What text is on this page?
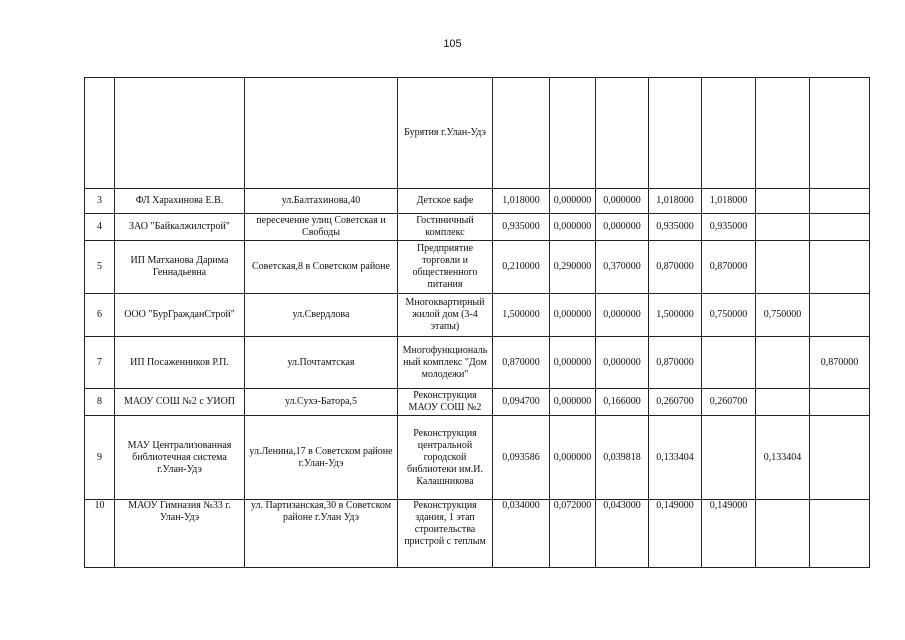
105
			Бурятия г.Улан-Удэ							
3	ФЛ Харахинова Е.В.	ул.Балтахинова,40	Детское кафе	1,018000	0,000000	0,000000	1,018000	1,018000		
4	ЗАО "Байкалжилстрой"	пересечение улиц Советская и Свободы	Гостиничный комплекс	0,935000	0,000000	0,000000	0,935000	0,935000		
5	ИП Матханова Дарима Геннадьевна	Советская,8 в Советском районе	Предприятие торговли и общественного питания	0,210000	0,290000	0,370000	0,870000	0,870000		
6	ООО "БурГражданСтрой"	ул.Свердлова	Многоквартирный жилой дом (3-4 этапы)	1,500000	0,000000	0,000000	1,500000	0,750000	0,750000	
7	ИП Посаженников Р.П.	ул.Почтамтская	Многофункциональный комплекс "Дом молодежи"	0,870000	0,000000	0,000000	0,870000			0,870000
8	МАОУ СОШ №2 с УИОП	ул.Сухэ-Батора,5	Реконструкция МАОУ СОШ №2	0,094700	0,000000	0,166000	0,260700	0,260700		
9	МАУ Централизованная библиотечная система г.Улан-Удэ	ул.Ленина,17 в Советском районе г.Улан-Удэ	Реконструкция центральной городской библиотеки им.И. Калашникова	0,093586	0,000000	0,039818	0,133404		0,133404	
10	МАОУ Гимназия №33 г. Улан-Удэ	ул. Партизанская,30 в Советском районе г.Улан Удэ	Реконструкция здания, 1 этап строительства пристрой с теплым	0,034000	0,072000	0,043000	0,149000	0,149000		
